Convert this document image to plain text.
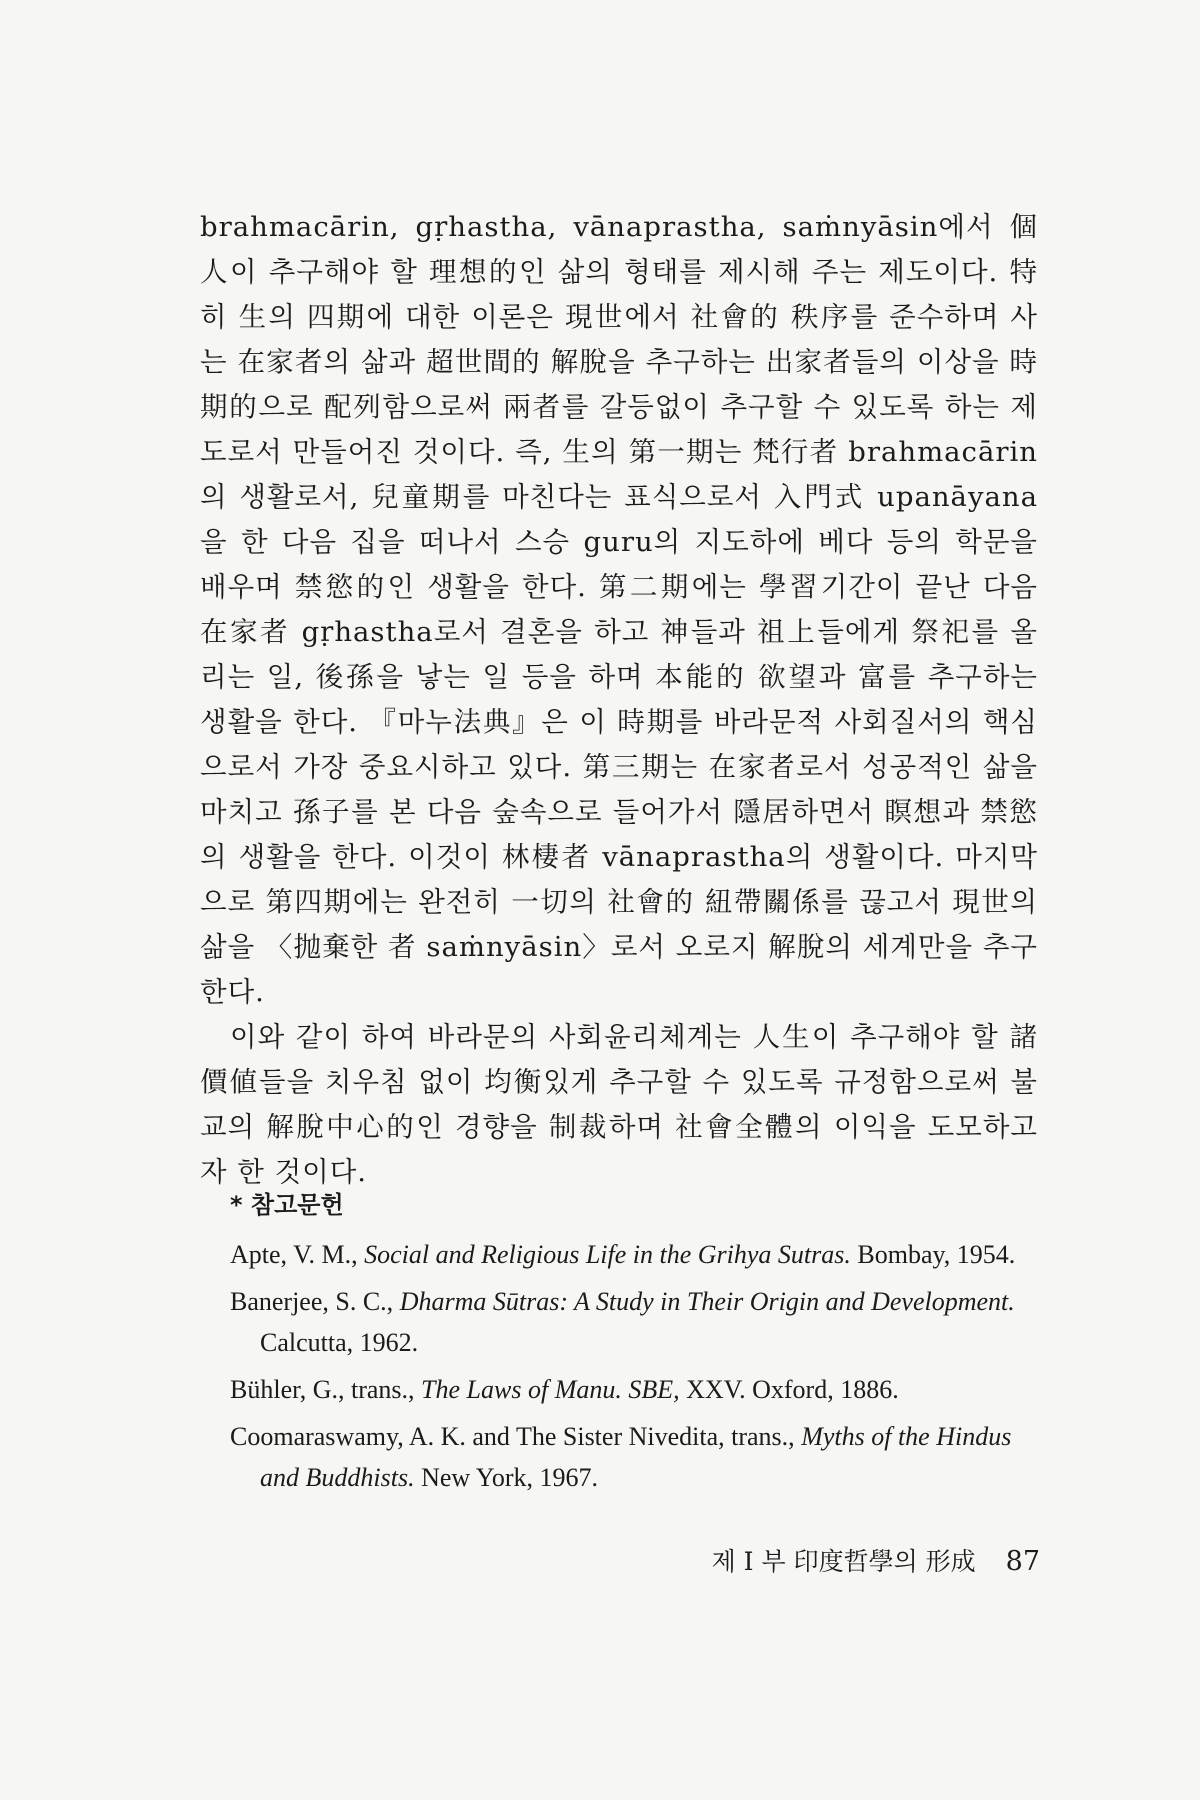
brahmacārin, gṛhastha, vānaprastha, saṁnyāsin에서 個人이 추구해야 할 理想的인 삶의 형태를 제시해 주는 제도이다. 特히 生의 四期에 대한 이론은 現世에서 社會的 秩序를 준수하며 사는 在家者의 삶과 超世間的 解脫을 추구하는 出家者들의 이상을 時期的으로 配列함으로써 兩者를 갈등없이 추구할 수 있도록 하는 제도로서 만들어진 것이다. 즉, 生의 第一期는 梵行者 brahmacārin의 생활로서, 兒童期를 마친다는 표식으로서 入門式 upanāyana을 한 다음 집을 떠나서 스승 guru의 지도하에 베다 등의 학문을 배우며 禁慾的인 생활을 한다. 第二期에는 學習기간이 끝난 다음 在家者 gṛhastha로서 결혼을 하고 神들과 祖上들에게 祭祀를 올리는 일, 後孫을 낳는 일 등을 하며 本能的 欲望과 富를 추구하는 생활을 한다. 『마누法典』은 이 時期를 바라문적 사회질서의 핵심으로서 가장 중요시하고 있다. 第三期는 在家者로서 성공적인 삶을 마치고 孫子를 본 다음 숲속으로 들어가서 隱居하면서 瞑想과 禁慾의 생활을 한다. 이것이 林棲者 vānaprastha의 생활이다. 마지막으로 第四期에는 완전히 一切의 社會的 紐帶關係를 끊고서 現世의 삶을 〈抛棄한 者 saṁnyāsin〉로서 오로지 解脫의 세계만을 추구한다.

이와 같이 하여 바라문의 사회윤리체계는 人生이 추구해야 할 諸價値들을 치우침 없이 均衡있게 추구할 수 있도록 규정함으로써 불교의 解脫中心的인 경향을 制裁하며 社會全體의 이익을 도모하고자 한 것이다.

* 참고문헌
Apte, V. M., Social and Religious Life in the Grihya Sutras. Bombay, 1954.
Banerjee, S. C., Dharma Sūtras: A Study in Their Origin and Development. Calcutta, 1962.
Bühler, G., trans., The Laws of Manu. SBE, XXV. Oxford, 1886.
Coomaraswamy, A. K. and The Sister Nivedita, trans., Myths of the Hindus and Buddhists. New York, 1967.
제 I 부 印度哲學의 形成 87
